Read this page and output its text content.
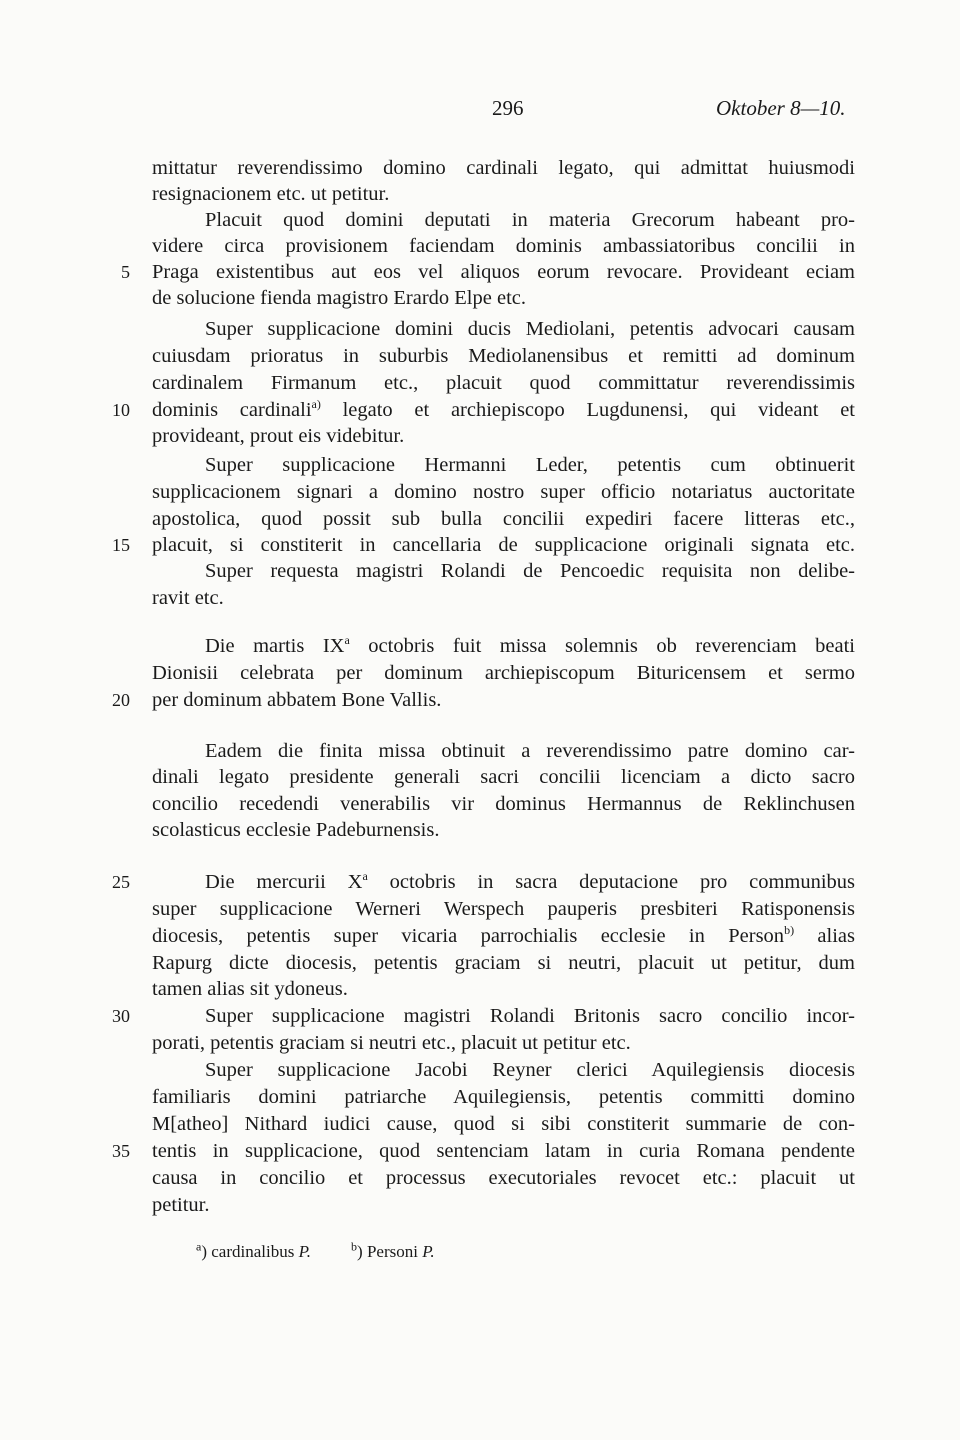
296	Oktober 8—10.
mittatur reverendissimo domino cardinali legato, qui admittat huiusmodi
resignacionem etc. ut petitur.
Placuit quod domini deputati in materia Grecorum habeant pro-
videre circa provisionem faciendam dominis ambassiatoribus concilii in
Praga existentibus aut eos vel aliquos eorum revocare. Provideant eciam
de solucione fienda magistro Erardo Elpe etc.
Super supplicacione domini ducis Mediolani, petentis advocari causam
cuiusdam prioratus in suburbis Mediolanensibus et remitti ad dominum
cardinalem Firmanum etc., placuit quod committatur reverendissimis
dominis cardinali$^{a)}$ legato et archiepiscopo Lugdunensi, qui videant et
provideant, prout eis videbitur.
Super supplicacione Hermanni Leder, petentis cum obtinuerit
supplicacionem signari a domino nostro super officio notariatus auctoritate
apostolica, quod possit sub bulla concilii expediri facere litteras etc.,
placuit, si constiterit in cancellaria de supplicacione originali signata etc.
Super requesta magistri Rolandi de Pencoedic requisita non delibe-
ravit etc.
Die martis $IX^a$ octobris fuit missa solemnis ob reverenciam beati
Dionisii celebrata per dominum archiepiscopum Bituricensem et sermo
per dominum abbatem Bone Vallis.
Eadem die finita missa obtinuit a reverendissimo patre domino car-
dinali legato presidente generali sacri concilii licenciam a dicto sacro
concilio recedendi venerabilis vir dominus Hermannus de Reklinchusen
scolasticus ecclesie Padeburnensis.
Die mercurii $X^a$ octobris in sacra deputacione pro communibus
super supplicacione Werneri Werspech pauperis presbiteri Ratisponensis
diocesis, petentis super vicaria parrochialis ecclesie in Person$^{b)}$ alias
Rapurg dicte diocesis, petentis graciam si neutri, placuit ut petitur, dum
tamen alias sit ydoneus.
Super supplicacione magistri Rolandi Britonis sacro concilio incor-
porati, petentis graciam si neutri etc., placuit ut petitur etc.
Super supplicacione Jacobi Reyner clerici Aquilegiensis diocesis
familiaris domini patriarche Aquilegiensis, petentis committi domino
M[atheo] Nithard iudici cause, quod si sibi constiterit summarie de con-
tentis in supplicacione, quod sentenciam latam in curia Romana pendente
causa in concilio et processus executoriales revocet etc.: placuit ut
petitur.
5
10
15
20
25
30
35
$^a$) cardinalibus P.	$^b$) Personi P.
